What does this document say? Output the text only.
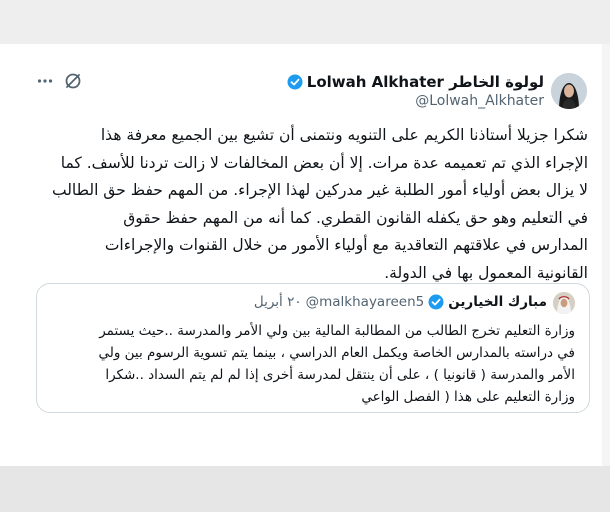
Lolwah Alkhater لولوة الخاطر
@Lolwah_Alkhater
شكرا جزيلا أستاذنا الكريم على التنويه ونتمنى أن تشيع بين الجميع معرفة هذا
الإجراء الذي تم تعميمه عدة مرات. إلا أن بعض المخالفات لا زالت تردنا للأسف. كما
لا يزال بعض أولياء أمور الطلبة غير مدركين لهذا الإجراء. من المهم حفظ حق الطالب
في التعليم وهو حق يكفله القانون القطري. كما أنه من المهم حفظ حقوق
المدارس في علاقتهم التعاقدية مع أولياء الأمور من خلال القنوات والإجراءات
القانونية المعمول بها في الدولة.
مبارك الخيارين
@malkhayareen5
٢٠ أبريل
وزارة التعليم تخرج الطالب من المطالبة المالية بين ولي الأمر والمدرسة ..حيث يستمر
في دراسته بالمدارس الخاصة ويكمل العام الدراسي ، بينما يتم تسوية الرسوم بين ولي
الأمر والمدرسة ( قانونيا ) ، على أن ينتقل لمدرسة أخرى إذا لم لم يتم السداد ..شكرا
وزارة التعليم على هذا ( الفصل الواعي
